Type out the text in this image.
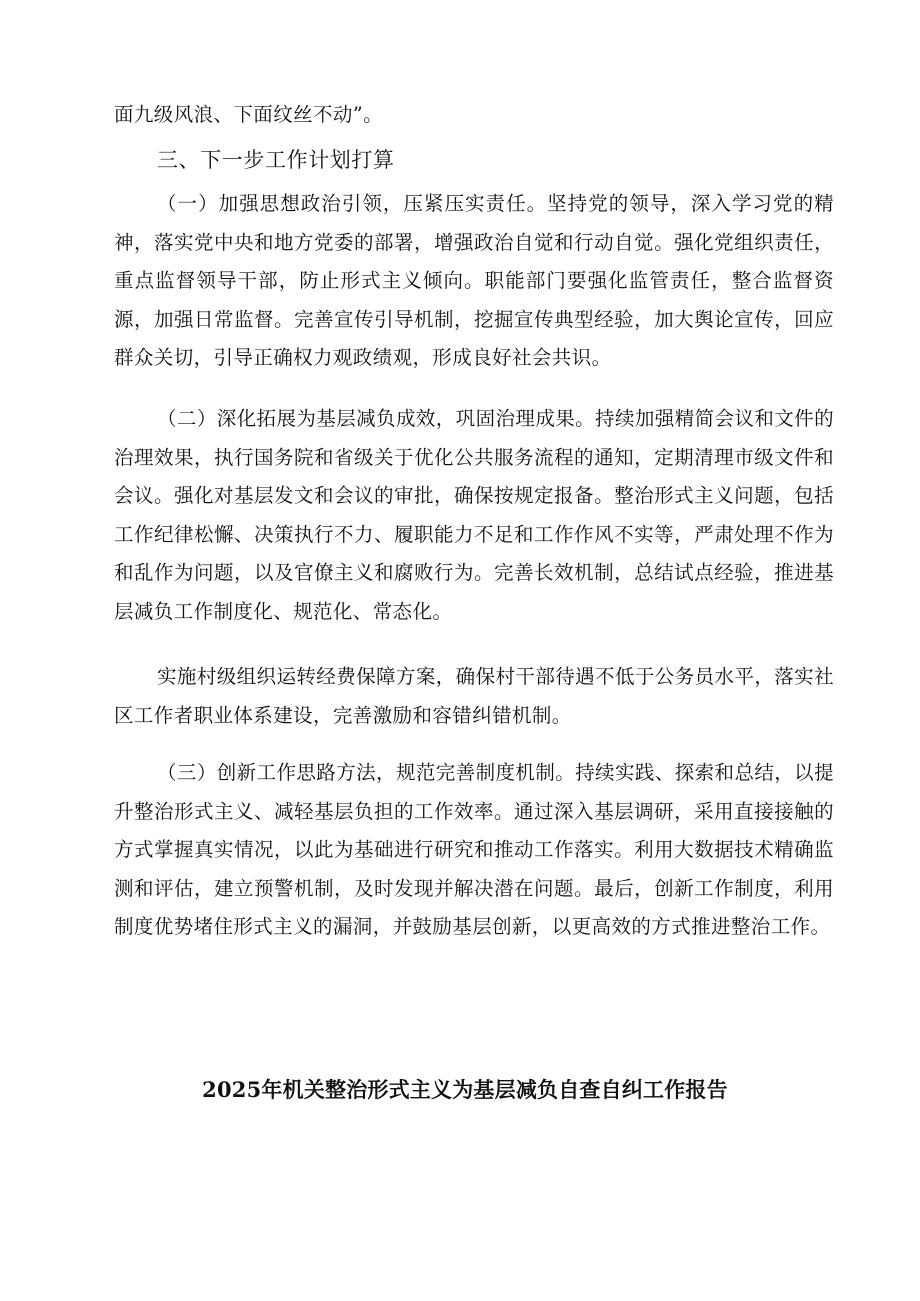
面九级风浪、下面纹丝不动”。

三、下一步工作计划打算

（一）加强思想政治引领，压紧压实责任。坚持党的领导，深入学习党的精神，落实党中央和地方党委的部署，增强政治自觉和行动自觉。强化党组织责任，重点监督领导干部，防止形式主义倾向。职能部门要强化监管责任，整合监督资源，加强日常监督。完善宣传引导机制，挖掘宣传典型经验，加大舆论宣传，回应群众关切，引导正确权力观政绩观，形成良好社会共识。

（二）深化拓展为基层减负成效，巩固治理成果。持续加强精简会议和文件的治理效果，执行国务院和省级关于优化公共服务流程的通知，定期清理市级文件和会议。强化对基层发文和会议的审批，确保按规定报备。整治形式主义问题，包括工作纪律松懈、决策执行不力、履职能力不足和工作作风不实等，严肃处理不作为和乱作为问题，以及官僚主义和腐败行为。完善长效机制，总结试点经验，推进基层减负工作制度化、规范化、常态化。

实施村级组织运转经费保障方案，确保村干部待遇不低于公务员水平，落实社区工作者职业体系建设，完善激励和容错纠错机制。

（三）创新工作思路方法，规范完善制度机制。持续实践、探索和总结，以提升整治形式主义、减轻基层负担的工作效率。通过深入基层调研，采用直接接触的方式掌握真实情况，以此为基础进行研究和推动工作落实。利用大数据技术精确监测和评估，建立预警机制，及时发现并解决潜在问题。最后，创新工作制度，利用制度优势堵住形式主义的漏洞，并鼓励基层创新，以更高效的方式推进整治工作。

2025年机关整治形式主义为基层减负自查自纠工作报告
